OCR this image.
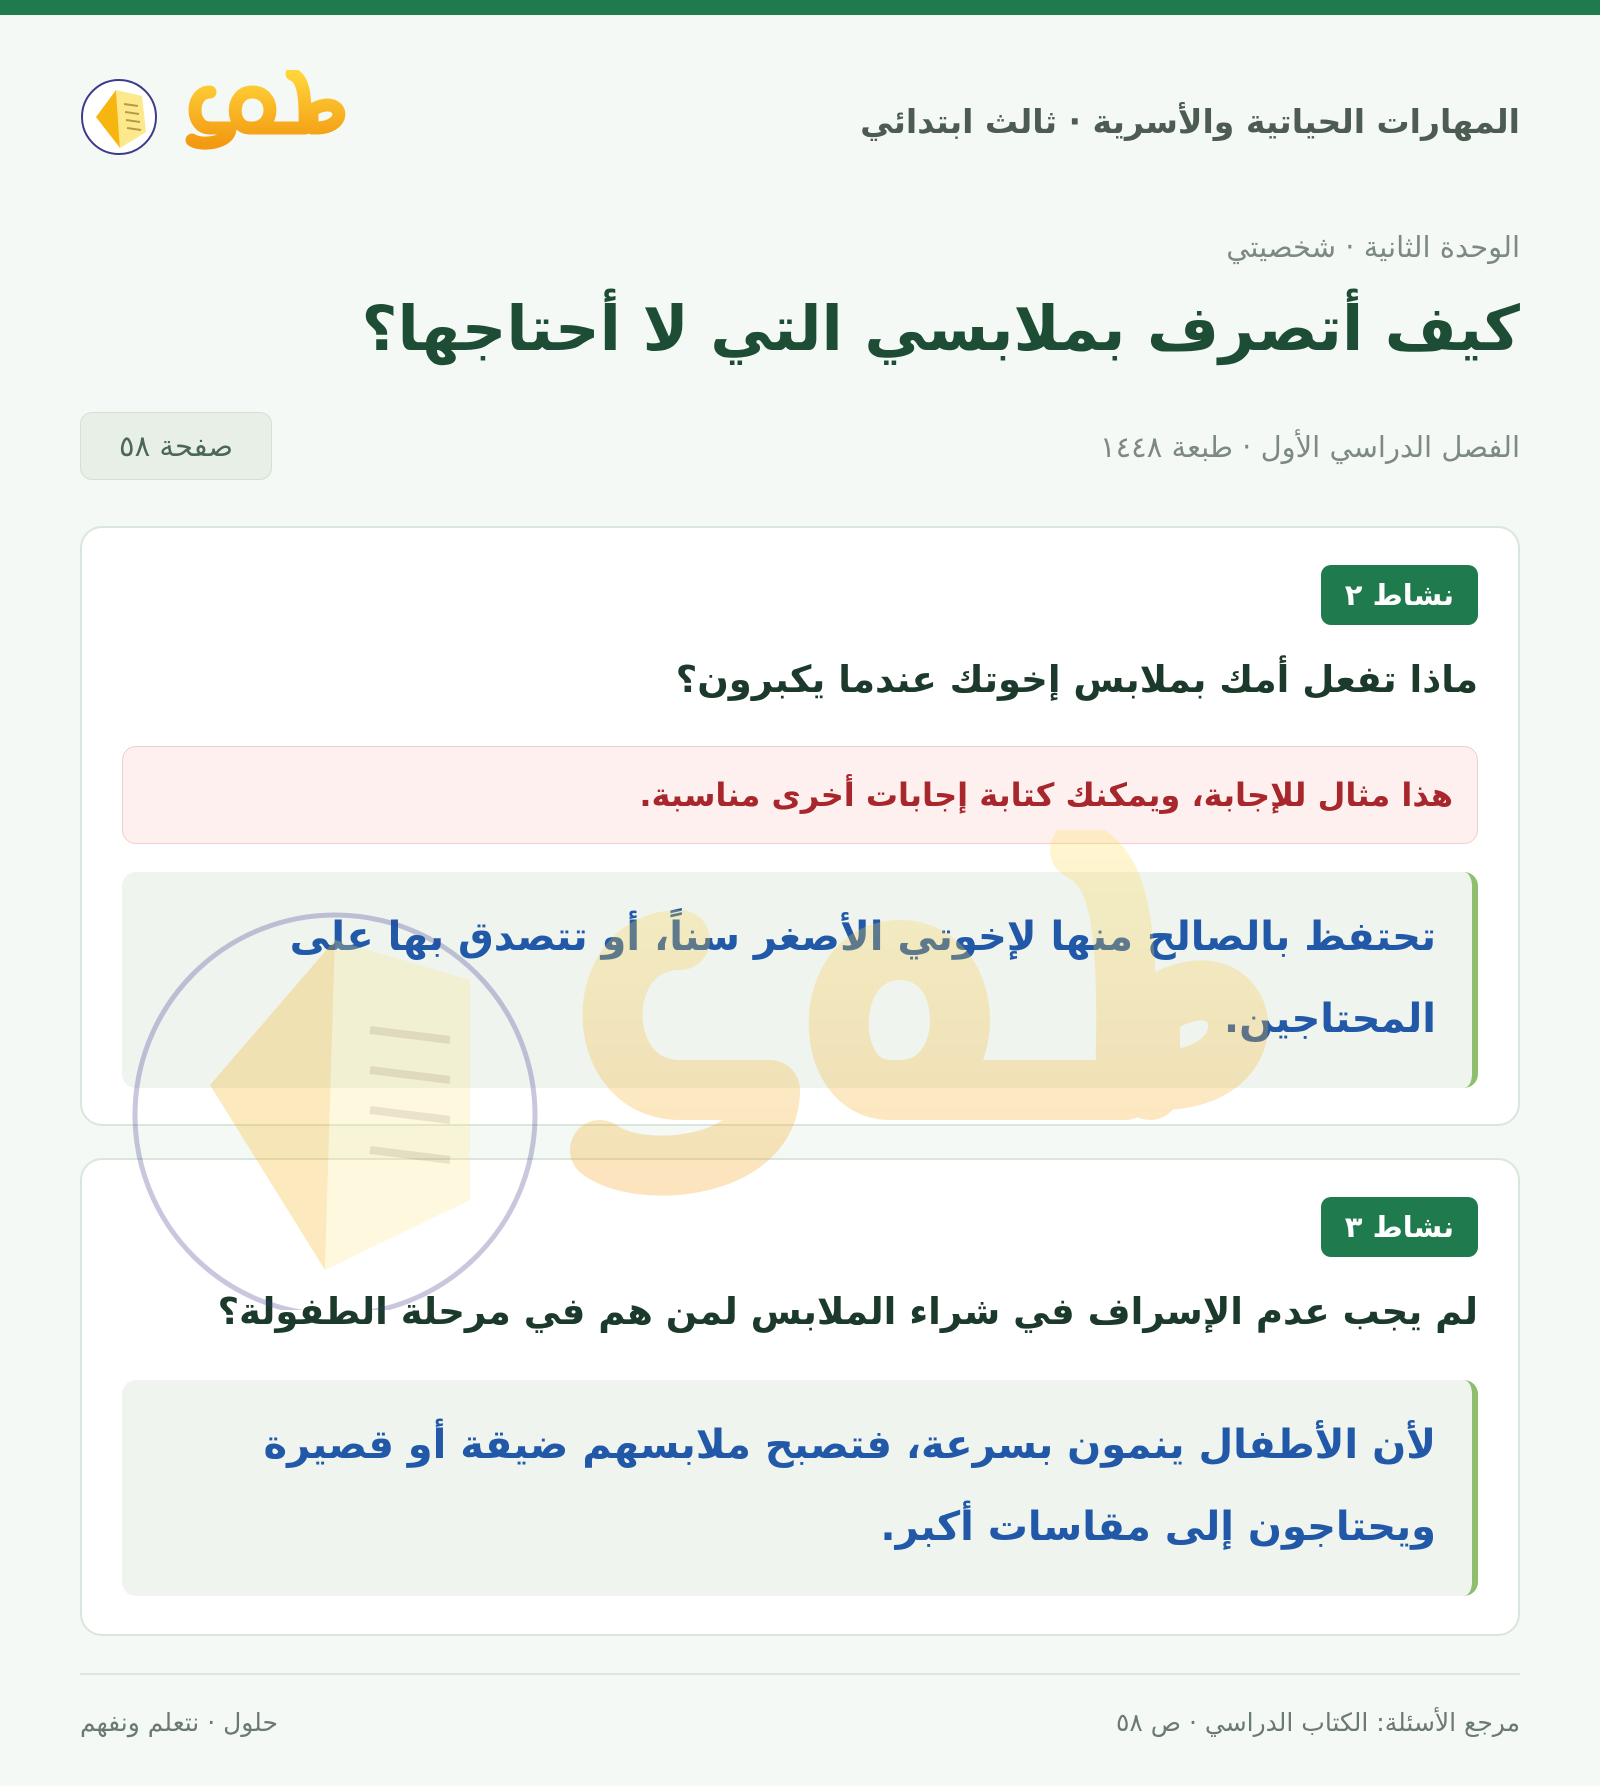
المهارات الحياتية والأسرية · ثالث ابتدائي
الوحدة الثانية · شخصيتي
كيف أتصرف بملابسي التي لا أحتاجها؟
الفصل الدراسي الأول · طبعة ١٤٤٨
صفحة ٥٨
نشاط ٢
ماذا تفعل أمك بملابس إخوتك عندما يكبرون؟
هذا مثال للإجابة، ويمكنك كتابة إجابات أخرى مناسبة.
تحتفظ بالصالح منها لإخوتي الأصغر سناً، أو تتصدق بها على المحتاجين.
نشاط ٣
لم يجب عدم الإسراف في شراء الملابس لمن هم في مرحلة الطفولة؟
لأن الأطفال ينمون بسرعة، فتصبح ملابسهم ضيقة أو قصيرة ويحتاجون إلى مقاسات أكبر.
مرجع الأسئلة: الكتاب الدراسي · ص ٥٨
حلول · نتعلم ونفهم
